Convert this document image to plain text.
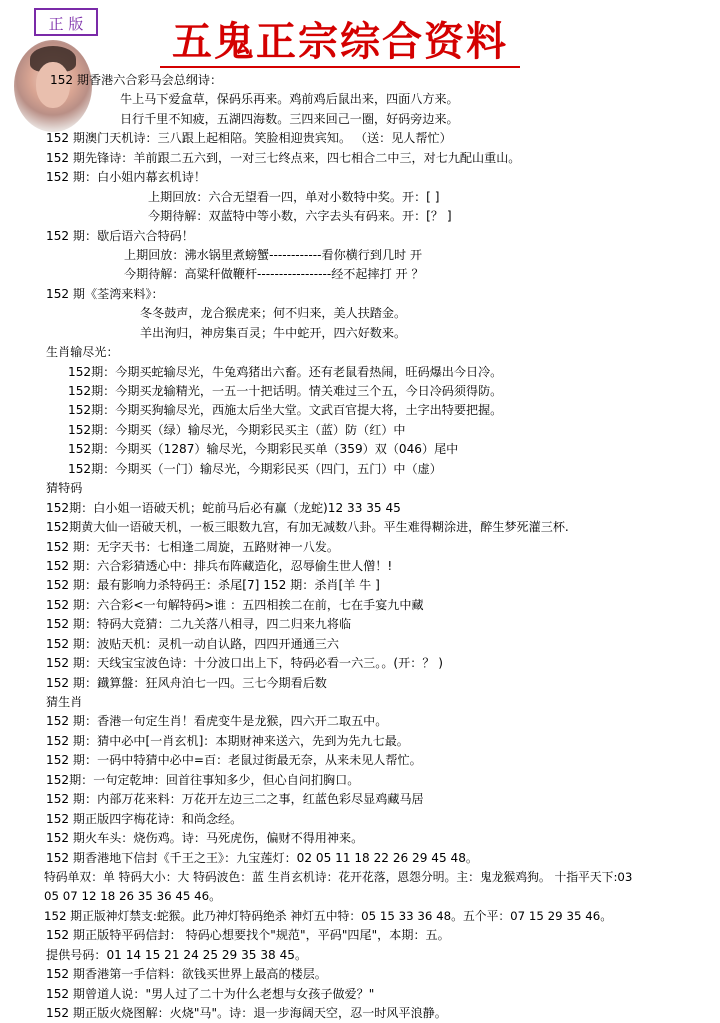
正 版	五鬼正宗综合资料
152 期香港六合彩马会总纲诗：
牛上马下爱盒草，保码乐再来。鸡前鸡后鼠出来，四面八方来。
日行千里不知疲，五湖四海数。三四来回己一圈，好码旁边来。
152 期澳门天机诗：三八跟上起相陪。笑脸相迎贵宾知。 （送：见人帮忙）
152 期先锋诗：羊前跟二五六到，一对三七终点来，四七相合二中三，对七九配山重山。
152 期：白小姐内幕玄机诗！
上期回放：六合无望看一四，单对小数特中奖。开：[ ]
今期待解：双蓝特中等小数，六字去头有码来。开：[？ ]
152 期：歇后语六合特码！
上期回放：沸水锅里煮螃蟹------------看你横行到几时 开
今期待解：高粱秆做鞭杆-----------------经不起摔打 开 ？
152 期《荃湾来料》：
冬冬鼓声，龙合猴虎来；何不归来，美人扶踏金。
羊出洵归，神房集百灵；牛中蛇开，四六好数来。
生肖输尽光：
152期：今期买蛇输尽光，牛兔鸡猪出六畜。还有老鼠看热闹，旺码爆出今日冷。
152期：今期买龙输精光，一五一十把话明。情关难过三个五，今日冷码须得防。
152期：今期买狗输尽光，西施太后坐大堂。文武百官提大将，土字出特要把握。
152期：今期买（绿）输尽光，今期彩民买主（蓝）防（红）中
152期：今期买（1287）输尽光，今期彩民买单（359）双（046）尾中
152期：今期买（一门）输尽光，今期彩民买（四门，五门）中（虚）
猜特码
152期：白小姐一语破天机；蛇前马后必有赢（龙蛇)12 33 35 45
152期黄大仙一语破天机，一板三眼数九宫，有加无减数八卦。平生难得糊涂进，醉生梦死灌三杯.
152 期：无字天书：七相逢二周旋，五路财神一八发。
152 期：六合彩猜透心中：排兵布阵藏造化，忍辱偷生世人僧！!
152 期：最有影响力杀特码王：杀尾[7] 152 期：杀肖[羊 牛 ]
152 期：六合彩<一句解特码>谁 ：五四相挨二在前，七在手宴九中藏
152 期：特码大竞猜：二九关落八相寻，四二归来九将临
152 期：波贴天机：灵机一动自认路，四四开通通三六
152 期：天线宝宝波色诗：十分波口出上下，特码必看一六三。。(开：？ )
152 期：鐡算盤：狂风舟泊七一四。三七今期看后数
猜生肖
152 期：香港一句定生肖！看虎变牛是龙猴，四六开二取五中。
152 期：猜中必中[一肖玄机]：本期财神来送六，先到为先九七最。
152 期：一码中特猜中必中=百：老鼠过街最无奈，从来未见人帮忙。
152期：一句定乾坤：回首往事知多少，但心自问扪胸口。
152 期：内部万花来料：万花开左边三二之事，红蓝色彩尽显鸡藏马居
152 期正版四字梅花诗：和尚念经。
152 期火车头：烧伤鸡。诗：马死虎伤，偏财不得用神来。
152 期香港地下信封《千王之王》：九宝莲灯：02 05 11 18 22 26 29 45 48。
特码单双：单 特码大小：大 特码波色：蓝 生肖玄机诗：花开花落，恩怨分明。主：鬼龙猴鸡狗。 十指平天下:03
05 07 12 18 26 35 36 45 46。
152 期正版神灯禁支:蛇猴。此乃神灯特码绝杀 神灯五中特：05 15 33 36 48。五个平：07 15 29 35 46。
152 期正版特平码信封： 特码心想要找个"规范"，平码"四尾"，本期：五。
提供号码：01 14 15 21 24 25 29 35 38 45。
152 期香港第一手信料：欲钱买世界上最高的楼层。
152 期曾道人说："男人过了二十为什么老想与女孩子做爱？"
152 期正版火烧图解：火烧"马"。诗：退一步海阔天空，忍一时风平浪静。
